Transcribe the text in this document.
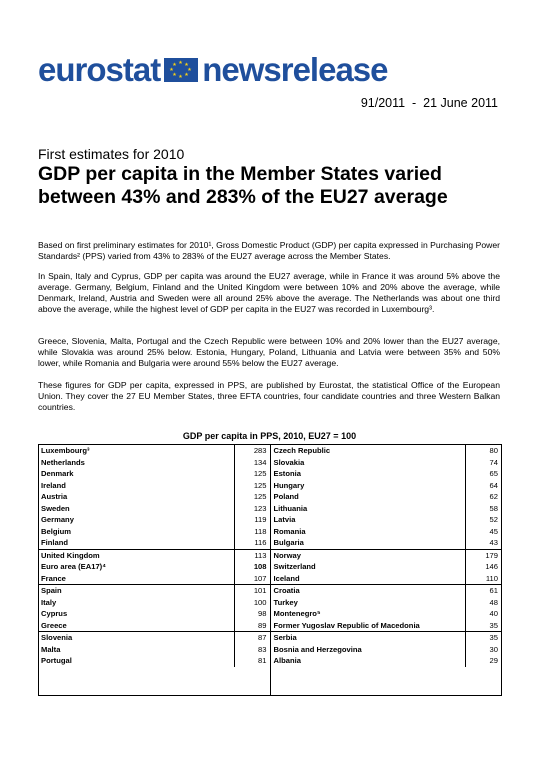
eurostat	★ ★
★
★
★
★
★
★ newsrelease
91/2011 - 21 June 2011
First estimates for 2010
GDP per capita in the Member States varied between 43% and 283% of the EU27 average
Based on first preliminary estimates for 2010¹, Gross Domestic Product (GDP) per capita expressed in Purchasing Power Standards² (PPS) varied from 43% to 283% of the EU27 average across the Member States.
In Spain, Italy and Cyprus, GDP per capita was around the EU27 average, while in France it was around 5% above the average. Germany, Belgium, Finland and the United Kingdom were between 10% and 20% above the average, while Denmark, Ireland, Austria and Sweden were all around 25% above the average. The Netherlands was about one third above the average, while the highest level of GDP per capita in the EU27 was recorded in Luxembourg³.
Greece, Slovenia, Malta, Portugal and the Czech Republic were between 10% and 20% lower than the EU27 average, while Slovakia was around 25% below. Estonia, Hungary, Poland, Lithuania and Latvia were between 35% and 50% lower, while Romania and Bulgaria were around 55% below the EU27 average.
These figures for GDP per capita, expressed in PPS, are published by Eurostat, the statistical Office of the European Union. They cover the 27 EU Member States, three EFTA countries, four candidate countries and three Western Balkan countries.
GDP per capita in PPS, 2010, EU27 = 100
Luxembourg³	283
Netherlands	134
Denmark	125
Ireland	125
Austria	125
Sweden	123
Germany	119
Belgium	118
Finland	116
United Kingdom	113
Euro area (EA17)⁴	108
France	107
Spain	101
Italy	100
Cyprus	98
Greece	89
Slovenia	87
Malta	83
Portugal	81
Czech Republic	80
Slovakia	74
Estonia	65
Hungary	64
Poland	62
Lithuania	58
Latvia	52
Romania	45
Bulgaria	43
Norway	179
Switzerland	146
Iceland	110
Croatia	61
Turkey	48
Montenegro⁵	40
Former Yugoslav Republic of Macedonia	35
Serbia	35
Bosnia and Herzegovina	30
Albania	29
